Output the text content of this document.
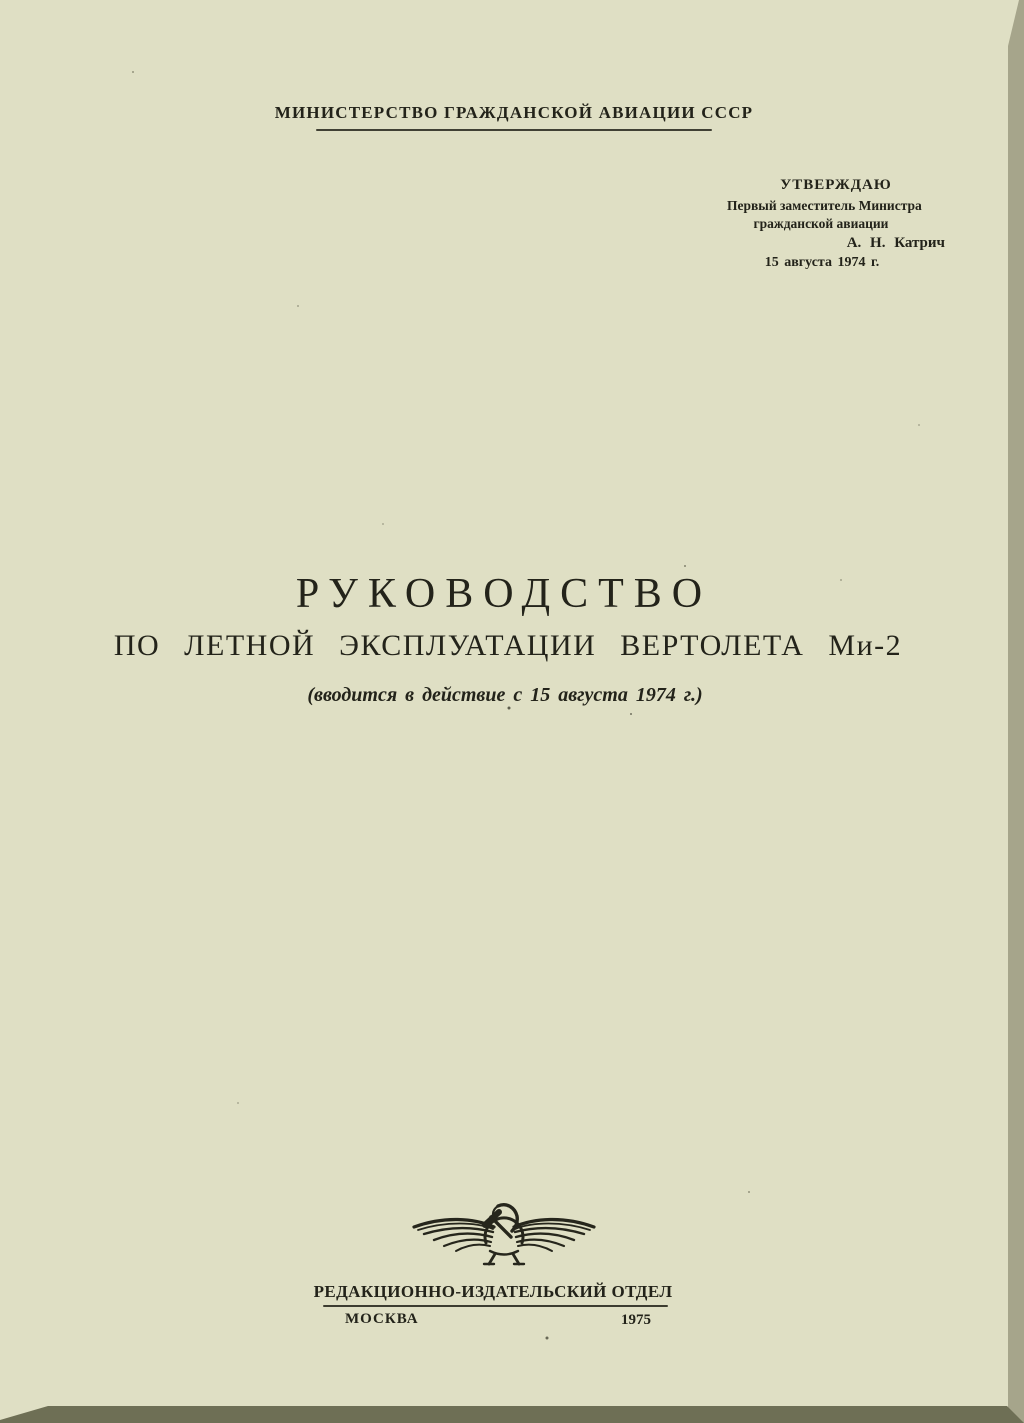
МИНИСТЕРСТВО ГРАЖДАНСКОЙ АВИАЦИИ СССР
УТВЕРЖДАЮ
Первый заместитель Министра
гражданской авиации
А. Н. Катрич
15 августа 1974 г.
РУКОВОДСТВО
ПО ЛЕТНОЙ ЭКСПЛУАТАЦИИ ВЕРТОЛЕТА Ми-2
(вводится в действие с 15 августа 1974 г.)
РЕДАКЦИОННО-ИЗДАТЕЛЬСКИЙ ОТДЕЛ
МОСКВА	1975
